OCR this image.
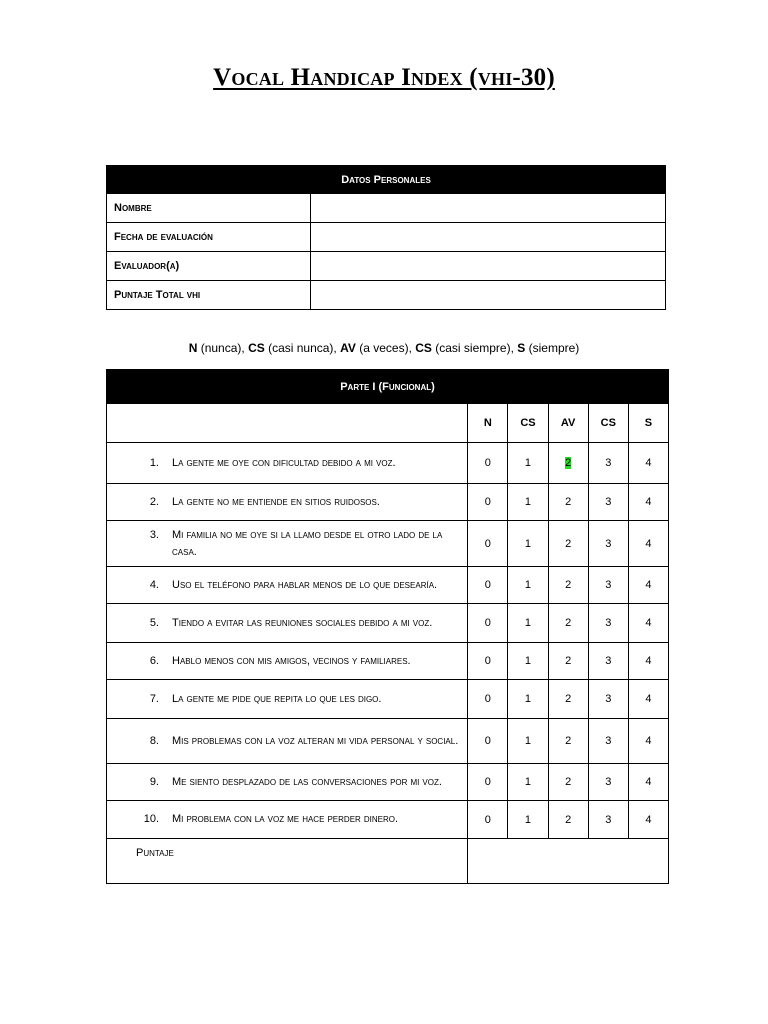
Vocal Handicap Index (vhi-30)
Datos Personales	
Nombre	
Fecha de evaluación	
Evaluador(a)	
Puntaje Total vhi	
N (nunca), CS (casi nunca), AV (a veces), CS (casi siempre), S (siempre)
Parte I (Funcional)					
	N	CS	AV	CS	S

1. La gente me oye con dificultad debido a mi voz.	0	1	2	3	4

2. La gente no me entiende en sitios ruidosos.	0	1	2	3	4

3. Mi familia no me oye si la llamo desde el otro lado de la casa.	0	1	2	3	4

4. Uso el teléfono para hablar menos de lo que desearía.	0	1	2	3	4

5. Tiendo a evitar las reuniones sociales debido a mi voz.	0	1	2	3	4

6. Hablo menos con mis amigos, vecinos y familiares.	0	1	2	3	4

7. La gente me pide que repita lo que les digo.	0	1	2	3	4

8. Mis problemas con la voz alteran mi vida personal y social.	0	1	2	3	4

9. Me siento desplazado de las conversaciones por mi voz.	0	1	2	3	4

10. Mi problema con la voz me hace perder dinero.	0	1	2	3	4
Puntaje					
